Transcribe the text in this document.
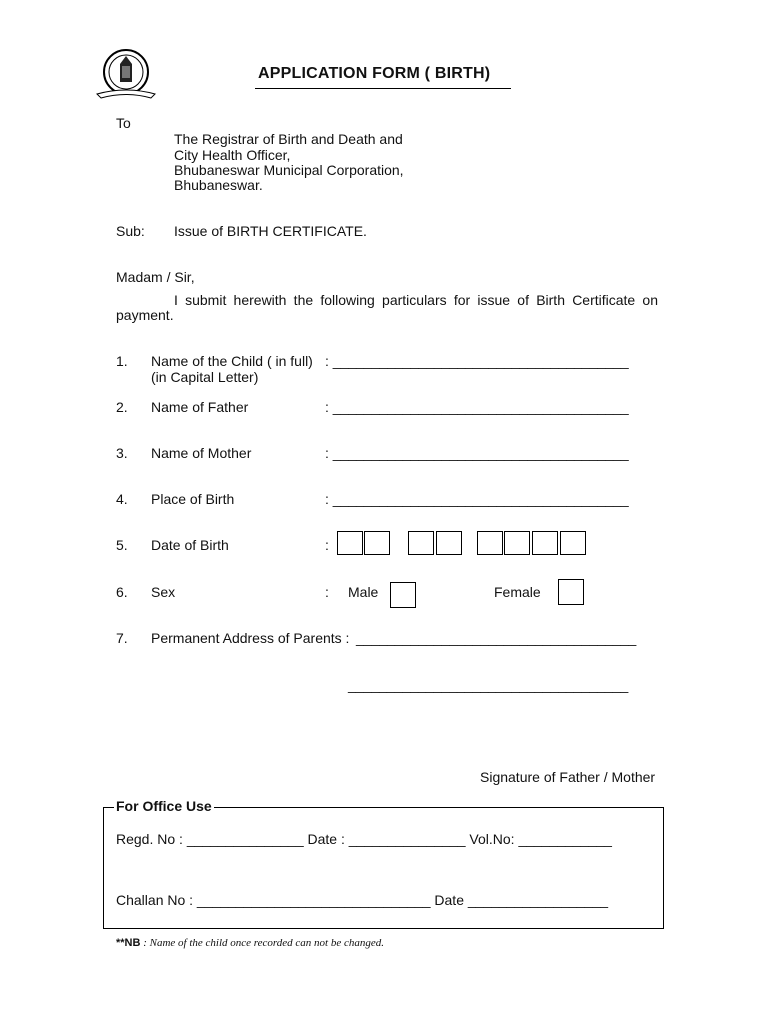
APPLICATION FORM ( BIRTH)
To
The Registrar of Birth and Death and
City Health Officer,
Bhubaneswar Municipal Corporation,
Bhubaneswar.
Sub: Issue of BIRTH CERTIFICATE.
Madam / Sir,
I submit herewith the following particulars for issue of Birth Certificate on
payment.
1. Name of the Child ( in full)
(in Capital Letter)
: ______________________________________
2. Name of Father	: ______________________________________
3. Name of Mother	: ______________________________________
4. Place of Birth	: ______________________________________
5. Date of Birth	:
6. Sex	: Male	Female
7. Permanent Address of Parents : ____________________________________
____________________________________
Signature of Father / Mother
For Office Use
Regd. No : _______________ Date : _______________ Vol.No: ____________
Challan No : ______________________________ Date __________________
**NB : Name of the child once recorded can not be changed.
